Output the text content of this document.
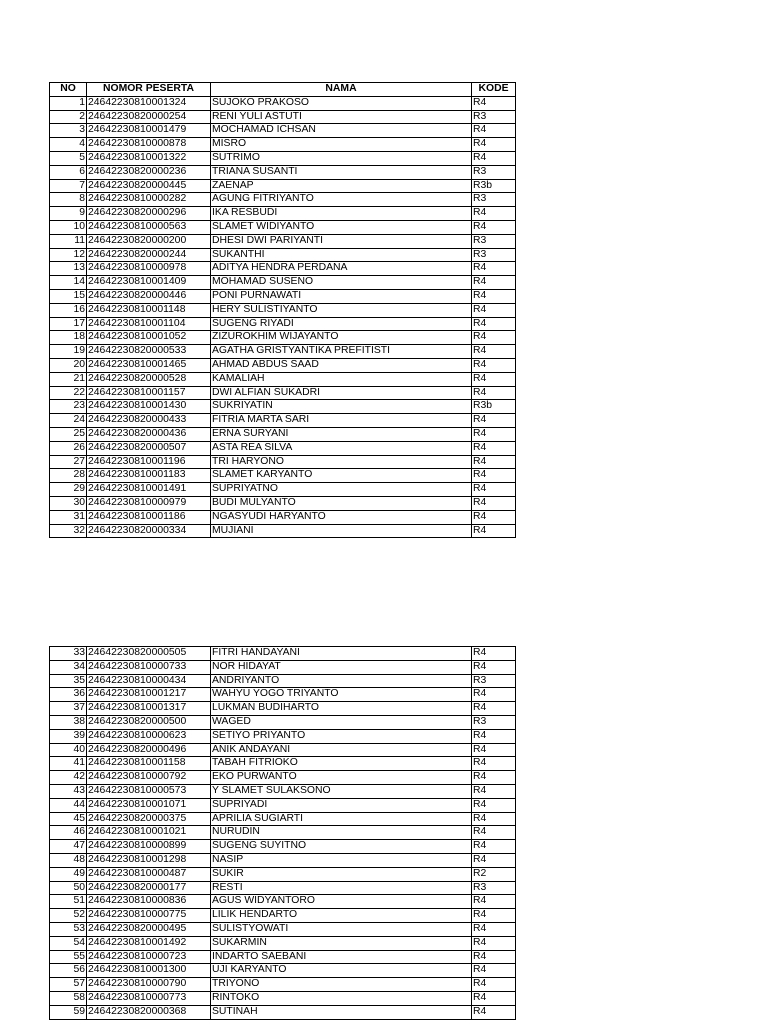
NO	NOMOR PESERTA	NAMA	KODE
1	24642230810001324	SUJOKO PRAKOSO	R4
2	24642230820000254	RENI YULI ASTUTI	R3
3	24642230810001479	MOCHAMAD ICHSAN	R4
4	24642230810000878	MISRO	R4
5	24642230810001322	SUTRIMO	R4
6	24642230820000236	TRIANA SUSANTI	R3
7	24642230820000445	ZAENAP	R3b
8	24642230810000282	AGUNG FITRIYANTO	R3
9	24642230820000296	IKA RESBUDI	R4
10	24642230810000563	SLAMET WIDIYANTO	R4
11	24642230820000200	DHESI DWI PARIYANTI	R3
12	24642230820000244	SUKANTHI	R3
13	24642230810000978	ADITYA HENDRA PERDANA	R4
14	24642230810001409	MOHAMAD SUSENO	R4
15	24642230820000446	PONI PURNAWATI	R4
16	24642230810001148	HERY SULISTIYANTO	R4
17	24642230810001104	SUGENG RIYADI	R4
18	24642230810001052	ZIZUROKHIM WIJAYANTO	R4
19	24642230820000533	AGATHA GRISTYANTIKA PREFITISTI	R4
20	24642230810001465	AHMAD ABDUS SAAD	R4
21	24642230820000528	KAMALIAH	R4
22	24642230810001157	DWI ALFIAN SUKADRI	R4
23	24642230810001430	SUKRIYATIN	R3b
24	24642230820000433	FITRIA MARTA SARI	R4
25	24642230820000436	ERNA SURYANI	R4
26	24642230820000507	ASTA REA SILVA	R4
27	24642230810001196	TRI HARYONO	R4
28	24642230810001183	SLAMET KARYANTO	R4
29	24642230810001491	SUPRIYATNO	R4
30	24642230810000979	BUDI MULYANTO	R4
31	24642230810001186	NGASYUDI HARYANTO	R4
32	24642230820000334	MUJIANI	R4
33	24642230820000505	FITRI HANDAYANI	R4
34	24642230810000733	NOR HIDAYAT	R4
35	24642230810000434	ANDRIYANTO	R3
36	24642230810001217	WAHYU YOGO TRIYANTO	R4
37	24642230810001317	LUKMAN BUDIHARTO	R4
38	24642230820000500	WAGED	R3
39	24642230810000623	SETIYO PRIYANTO	R4
40	24642230820000496	ANIK ANDAYANI	R4
41	24642230810001158	TABAH FITRIOKO	R4
42	24642230810000792	EKO PURWANTO	R4
43	24642230810000573	Y SLAMET SULAKSONO	R4
44	24642230810001071	SUPRIYADI	R4
45	24642230820000375	APRILIA SUGIARTI	R4
46	24642230810001021	NURUDIN	R4
47	24642230810000899	SUGENG SUYITNO	R4
48	24642230810001298	NASIP	R4
49	24642230810000487	SUKIR	R2
50	24642230820000177	RESTI	R3
51	24642230810000836	AGUS WIDYANTORO	R4
52	24642230810000775	LILIK HENDARTO	R4
53	24642230820000495	SULISTYOWATI	R4
54	24642230810001492	SUKARMIN	R4
55	24642230810000723	INDARTO SAEBANI	R4
56	24642230810001300	UJI KARYANTO	R4
57	24642230810000790	TRIYONO	R4
58	24642230810000773	RINTOKO	R4
59	24642230820000368	SUTINAH	R4
